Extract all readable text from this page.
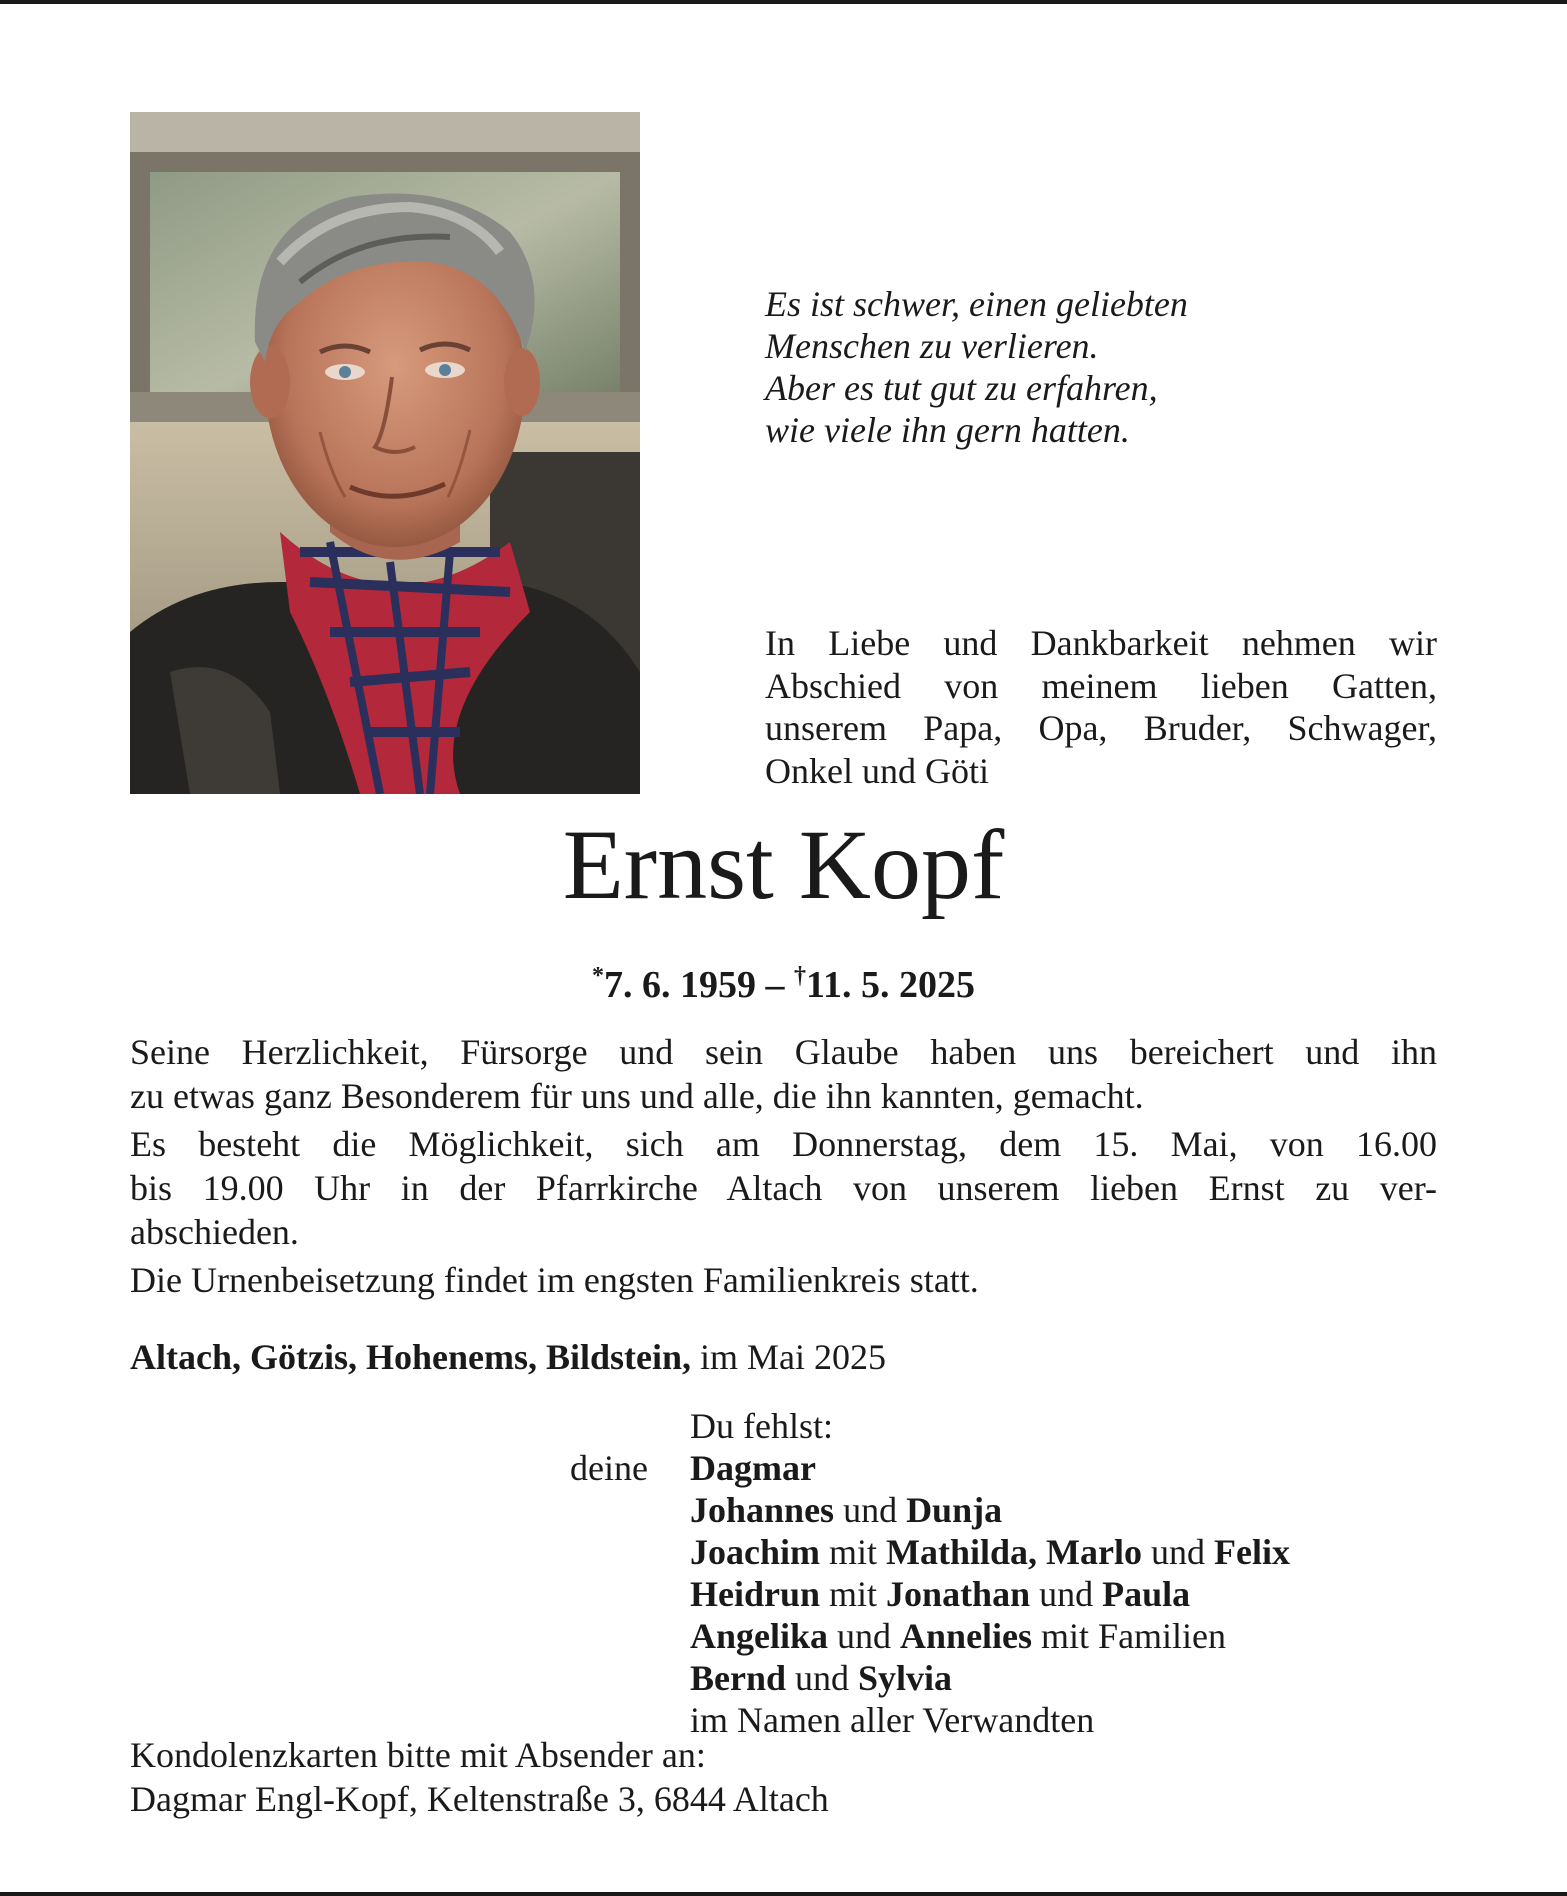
Es ist schwer, einen geliebten
Menschen zu verlieren.
Aber es tut gut zu erfahren,
wie viele ihn gern hatten.
In Liebe und Dankbarkeit nehmen wir
Abschied von meinem lieben Gatten,
unserem Papa, Opa, Bruder, Schwager,
Onkel und Göti
Ernst Kopf
*7. 6. 1959 – †11. 5. 2025

Seine Herzlichkeit, Fürsorge und sein Glaube haben uns bereichert und ihn
zu etwas ganz Besonderem für uns und alle, die ihn kannten, gemacht.

Es besteht die Möglichkeit, sich am Donnerstag, dem 15. Mai, von 16.00
bis 19.00 Uhr in der Pfarrkirche Altach von unserem lieben Ernst zu ver-
abschieden.

Die Urnenbeisetzung findet im engsten Familienkreis statt.

Altach, Götzis, Hohenems, Bildstein, im Mai 2025
Du fehlst:
deine Dagmar
Johannes und Dunja
Joachim mit Mathilda, Marlo und Felix
Heidrun mit Jonathan und Paula
Angelika und Annelies mit Familien
Bernd und Sylvia
im Namen aller Verwandten
Kondolenzkarten bitte mit Absender an:
Dagmar Engl-Kopf, Keltenstraße 3, 6844 Altach
